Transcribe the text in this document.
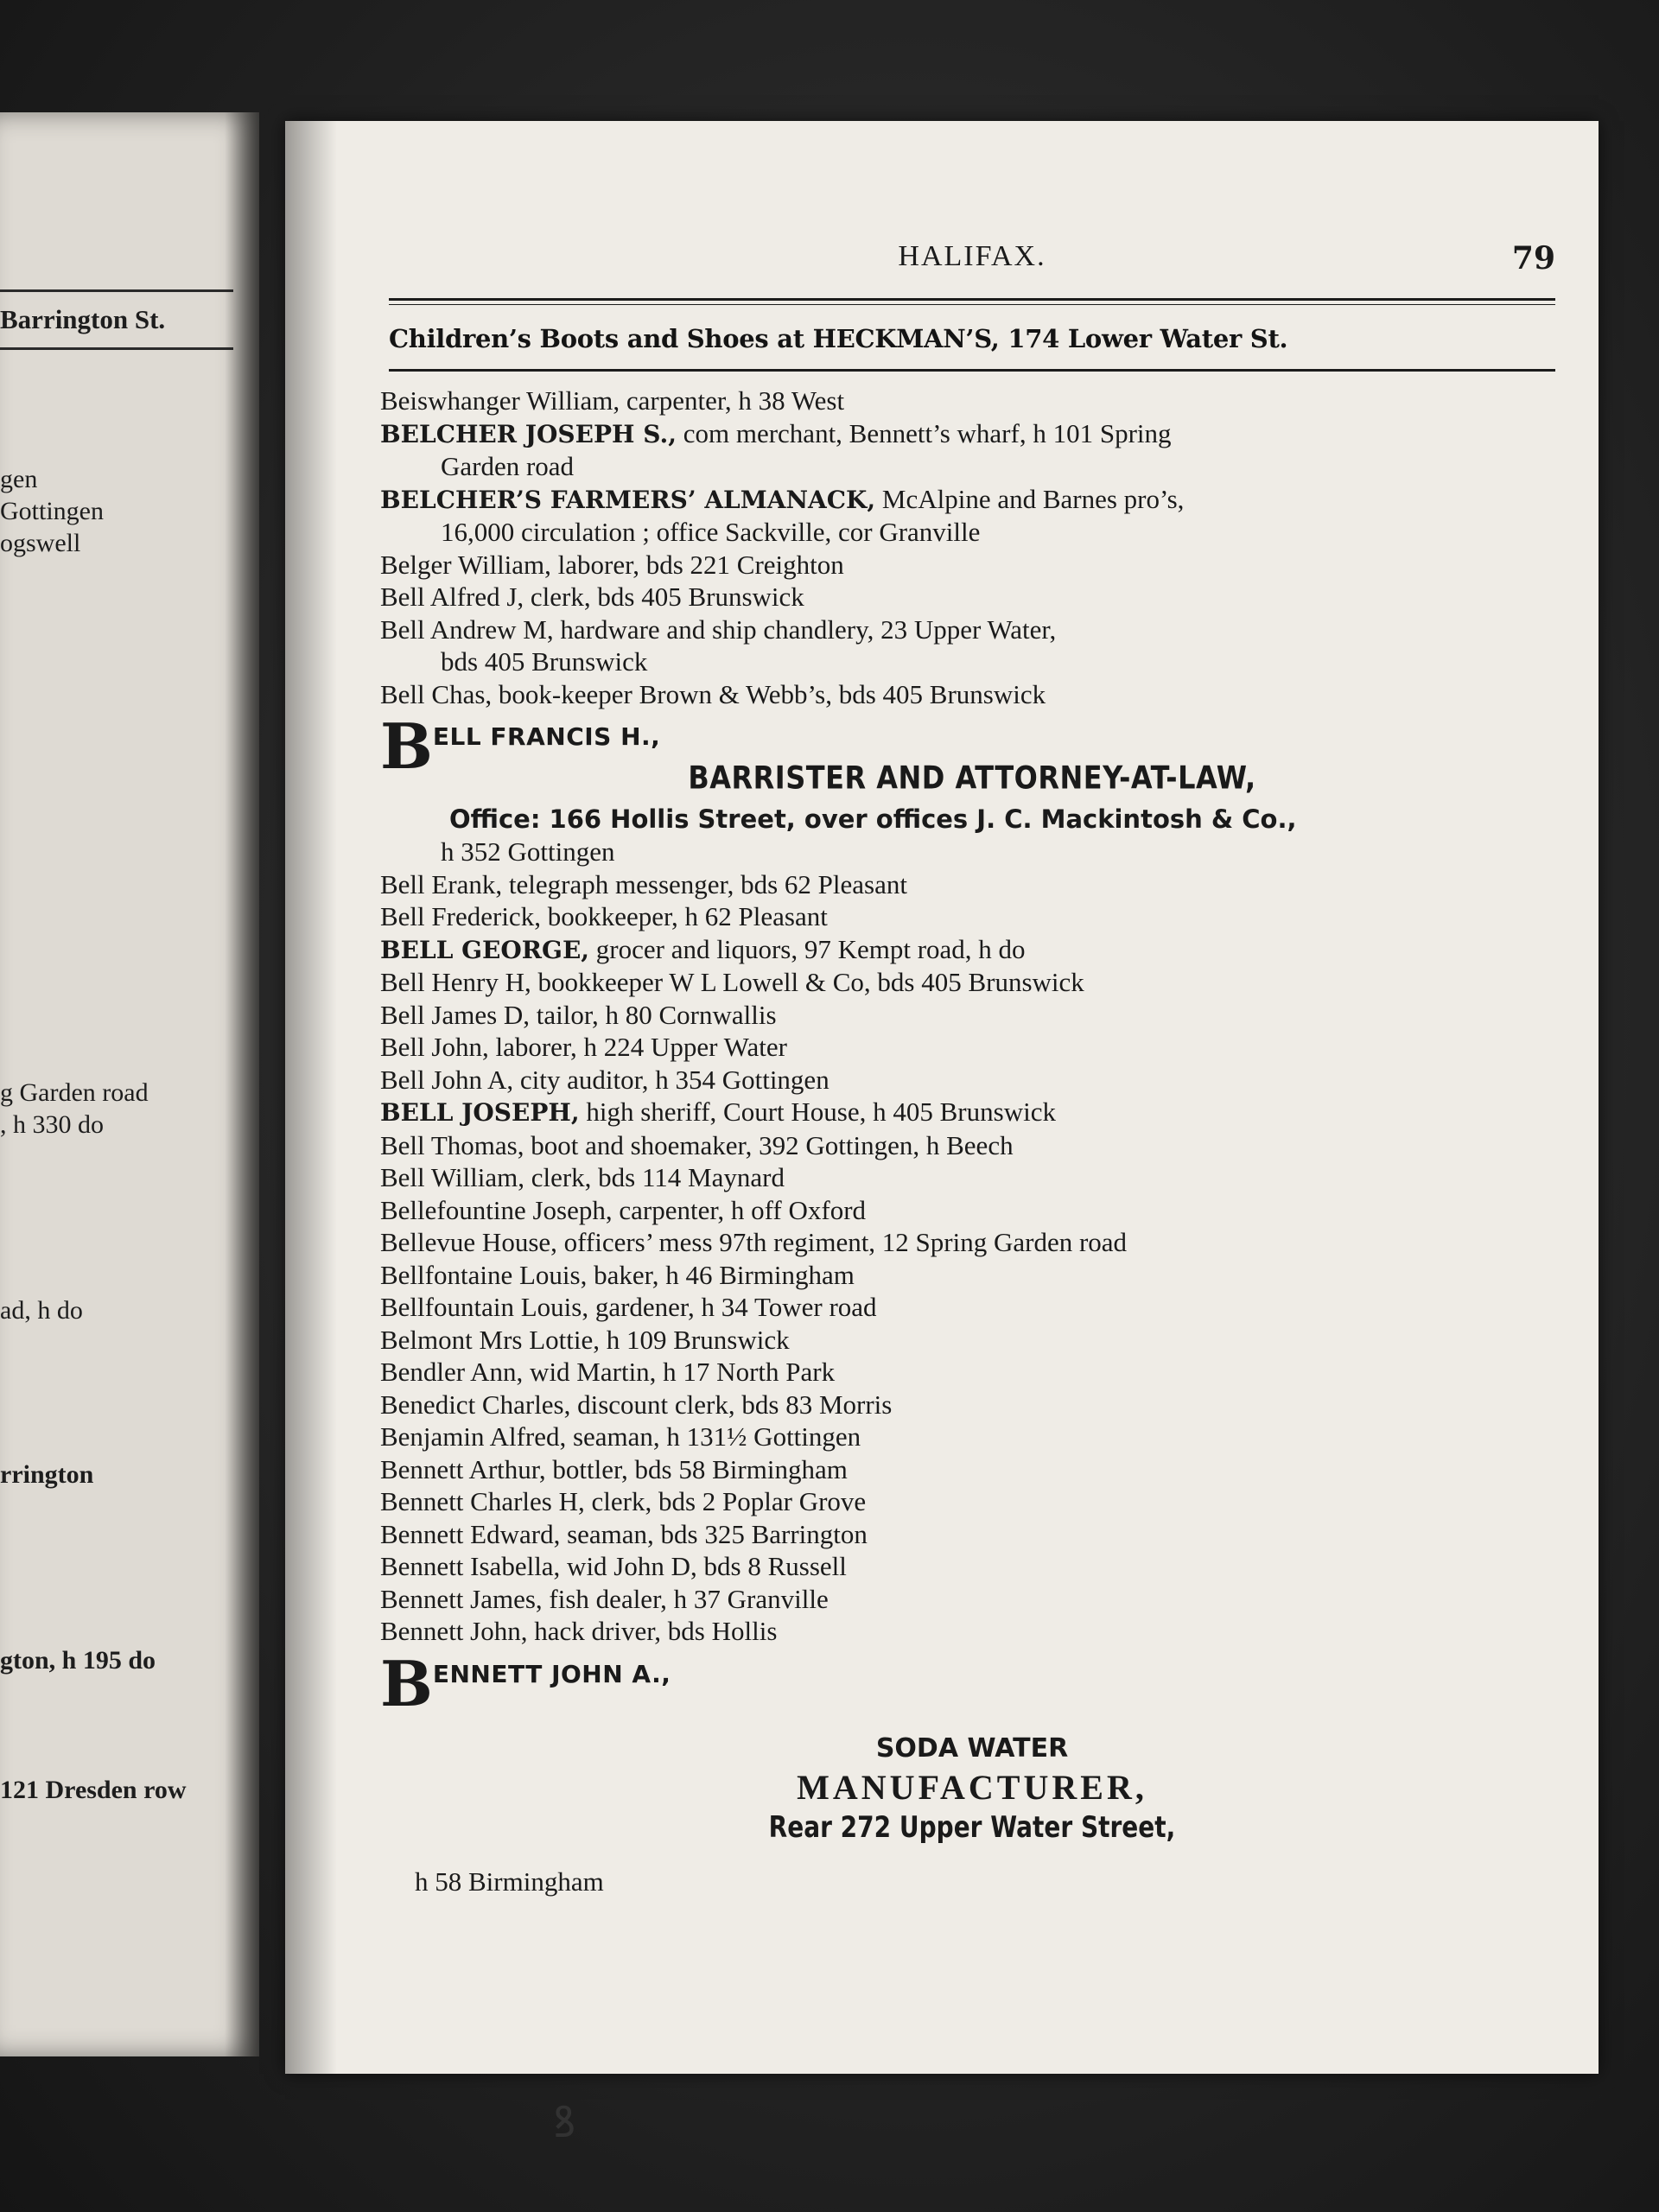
Barrington St.
gen
Gottingen
ogswell
g Garden road
, h 330 do
ad, h do
rrington
gton, h 195 do
121 Dresden row
HALIFAX.	79
Children’s Boots and Shoes at HECKMAN’S, 174 Lower Water St.
Beiswhanger William, carpenter, h 38 West
BELCHER JOSEPH S., com merchant, Bennett’s wharf, h 101 Spring
Garden road
BELCHER’S FARMERS’ ALMANACK, McAlpine and Barnes pro’s,
16,000 circulation ; office Sackville, cor Granville
Belger William, laborer, bds 221 Creighton
Bell Alfred J, clerk, bds 405 Brunswick
Bell Andrew M, hardware and ship chandlery, 23 Upper Water,
bds 405 Brunswick
Bell Chas, book-keeper Brown & Webb’s, bds 405 Brunswick
BELL FRANCIS H.,
BARRISTER AND ATTORNEY-AT-LAW,
Office: 166 Hollis Street, over offices J. C. Mackintosh & Co.,
h 352 Gottingen
Bell Erank, telegraph messenger, bds 62 Pleasant
Bell Frederick, bookkeeper, h 62 Pleasant
BELL GEORGE, grocer and liquors, 97 Kempt road, h do
Bell Henry H, bookkeeper W L Lowell & Co, bds 405 Brunswick
Bell James D, tailor, h 80 Cornwallis
Bell John, laborer, h 224 Upper Water
Bell John A, city auditor, h 354 Gottingen
BELL JOSEPH, high sheriff, Court House, h 405 Brunswick
Bell Thomas, boot and shoemaker, 392 Gottingen, h Beech
Bell William, clerk, bds 114 Maynard
Bellefountine Joseph, carpenter, h off Oxford
Bellevue House, officers’ mess 97th regiment, 12 Spring Garden road
Bellfontaine Louis, baker, h 46 Birmingham
Bellfountain Louis, gardener, h 34 Tower road
Belmont Mrs Lottie, h 109 Brunswick
Bendler Ann, wid Martin, h 17 North Park
Benedict Charles, discount clerk, bds 83 Morris
Benjamin Alfred, seaman, h 131½ Gottingen
Bennett Arthur, bottler, bds 58 Birmingham
Bennett Charles H, clerk, bds 2 Poplar Grove
Bennett Edward, seaman, bds 325 Barrington
Bennett Isabella, wid John D, bds 8 Russell
Bennett James, fish dealer, h 37 Granville
Bennett John, hack driver, bds Hollis
BENNETT JOHN A.,
SODA WATER
MANUFACTURER,
Rear 272 Upper Water Street,
h 58 Birmingham
ꝸ
